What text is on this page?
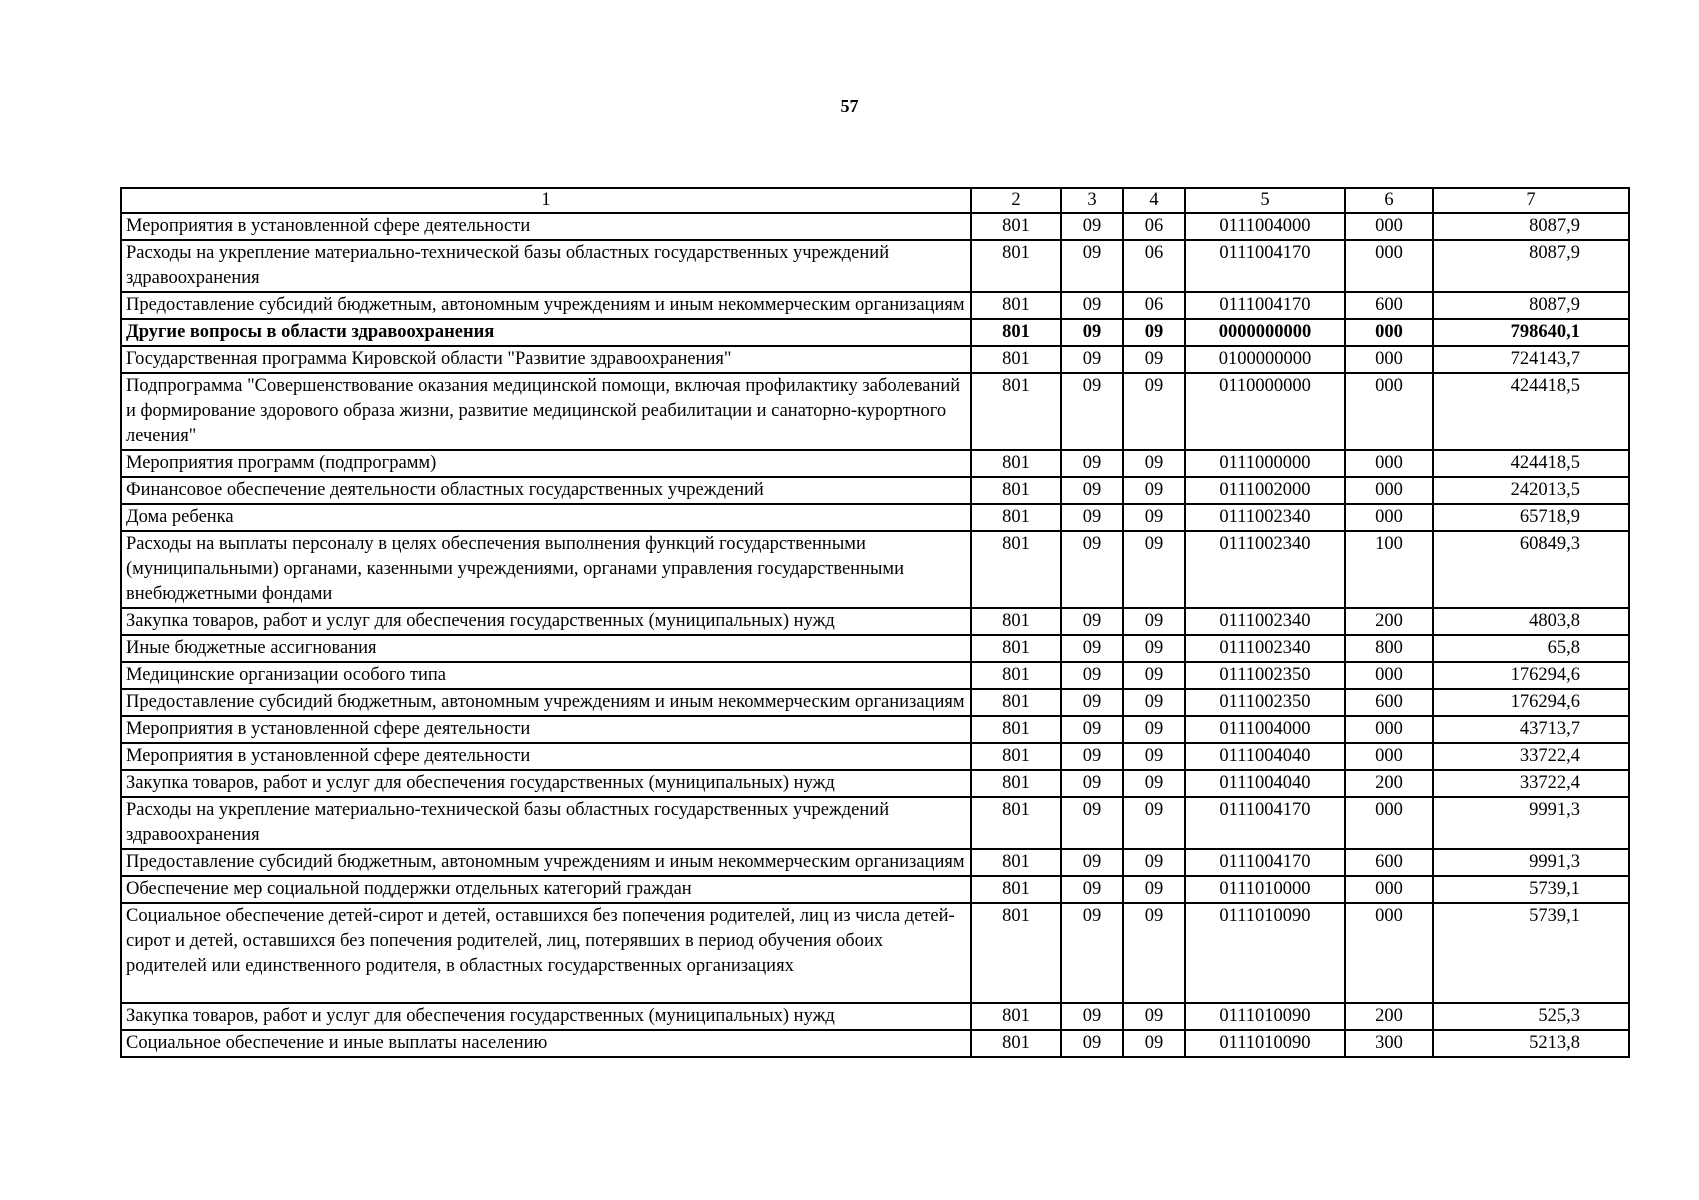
57
1	2	3	4	5	6	7
Мероприятия в установленной сфере деятельности	801	09	06	0111004000	000	8087,9
Расходы на укрепление материально-технической базы областных государственных учреждений здравоохранения	801	09	06	0111004170	000	8087,9
Предоставление субсидий бюджетным, автономным учреждениям и иным некоммерческим организациям	801	09	06	0111004170	600	8087,9
Другие вопросы в области здравоохранения	801	09	09	0000000000	000	798640,1
Государственная программа Кировской области "Развитие здравоохранения"	801	09	09	0100000000	000	724143,7
Подпрограмма "Совершенствование оказания медицинской помощи, включая профилактику заболеваний и формирование здорового образа жизни, развитие медицинской реабилитации и санаторно-курортного лечения"	801	09	09	0110000000	000	424418,5
Мероприятия программ (подпрограмм)	801	09	09	0111000000	000	424418,5
Финансовое обеспечение деятельности областных государственных учреждений	801	09	09	0111002000	000	242013,5
Дома ребенка	801	09	09	0111002340	000	65718,9
Расходы на выплаты персоналу в целях обеспечения выполнения функций государственными (муниципальными) органами, казенными учреждениями, органами управления государственными внебюджетными фондами	801	09	09	0111002340	100	60849,3
Закупка товаров, работ и услуг для обеспечения государственных (муниципальных) нужд	801	09	09	0111002340	200	4803,8
Иные бюджетные ассигнования	801	09	09	0111002340	800	65,8
Медицинские организации особого типа	801	09	09	0111002350	000	176294,6
Предоставление субсидий бюджетным, автономным учреждениям и иным некоммерческим организациям	801	09	09	0111002350	600	176294,6
Мероприятия в установленной сфере деятельности	801	09	09	0111004000	000	43713,7
Мероприятия в установленной сфере деятельности	801	09	09	0111004040	000	33722,4
Закупка товаров, работ и услуг для обеспечения государственных (муниципальных) нужд	801	09	09	0111004040	200	33722,4
Расходы на укрепление материально-технической базы областных государственных учреждений здравоохранения	801	09	09	0111004170	000	9991,3
Предоставление субсидий бюджетным, автономным учреждениям и иным некоммерческим организациям	801	09	09	0111004170	600	9991,3
Обеспечение мер социальной поддержки отдельных категорий граждан	801	09	09	0111010000	000	5739,1
Социальное обеспечение детей-сирот и детей, оставшихся без попечения родителей, лиц из числа детей-сирот и детей, оставшихся без попечения родителей, лиц, потерявших в период обучения обоих родителей или единственного родителя, в областных государственных организациях	801	09	09	0111010090	000	5739,1
Закупка товаров, работ и услуг для обеспечения государственных (муниципальных) нужд	801	09	09	0111010090	200	525,3
Социальное обеспечение и иные выплаты населению	801	09	09	0111010090	300	5213,8
